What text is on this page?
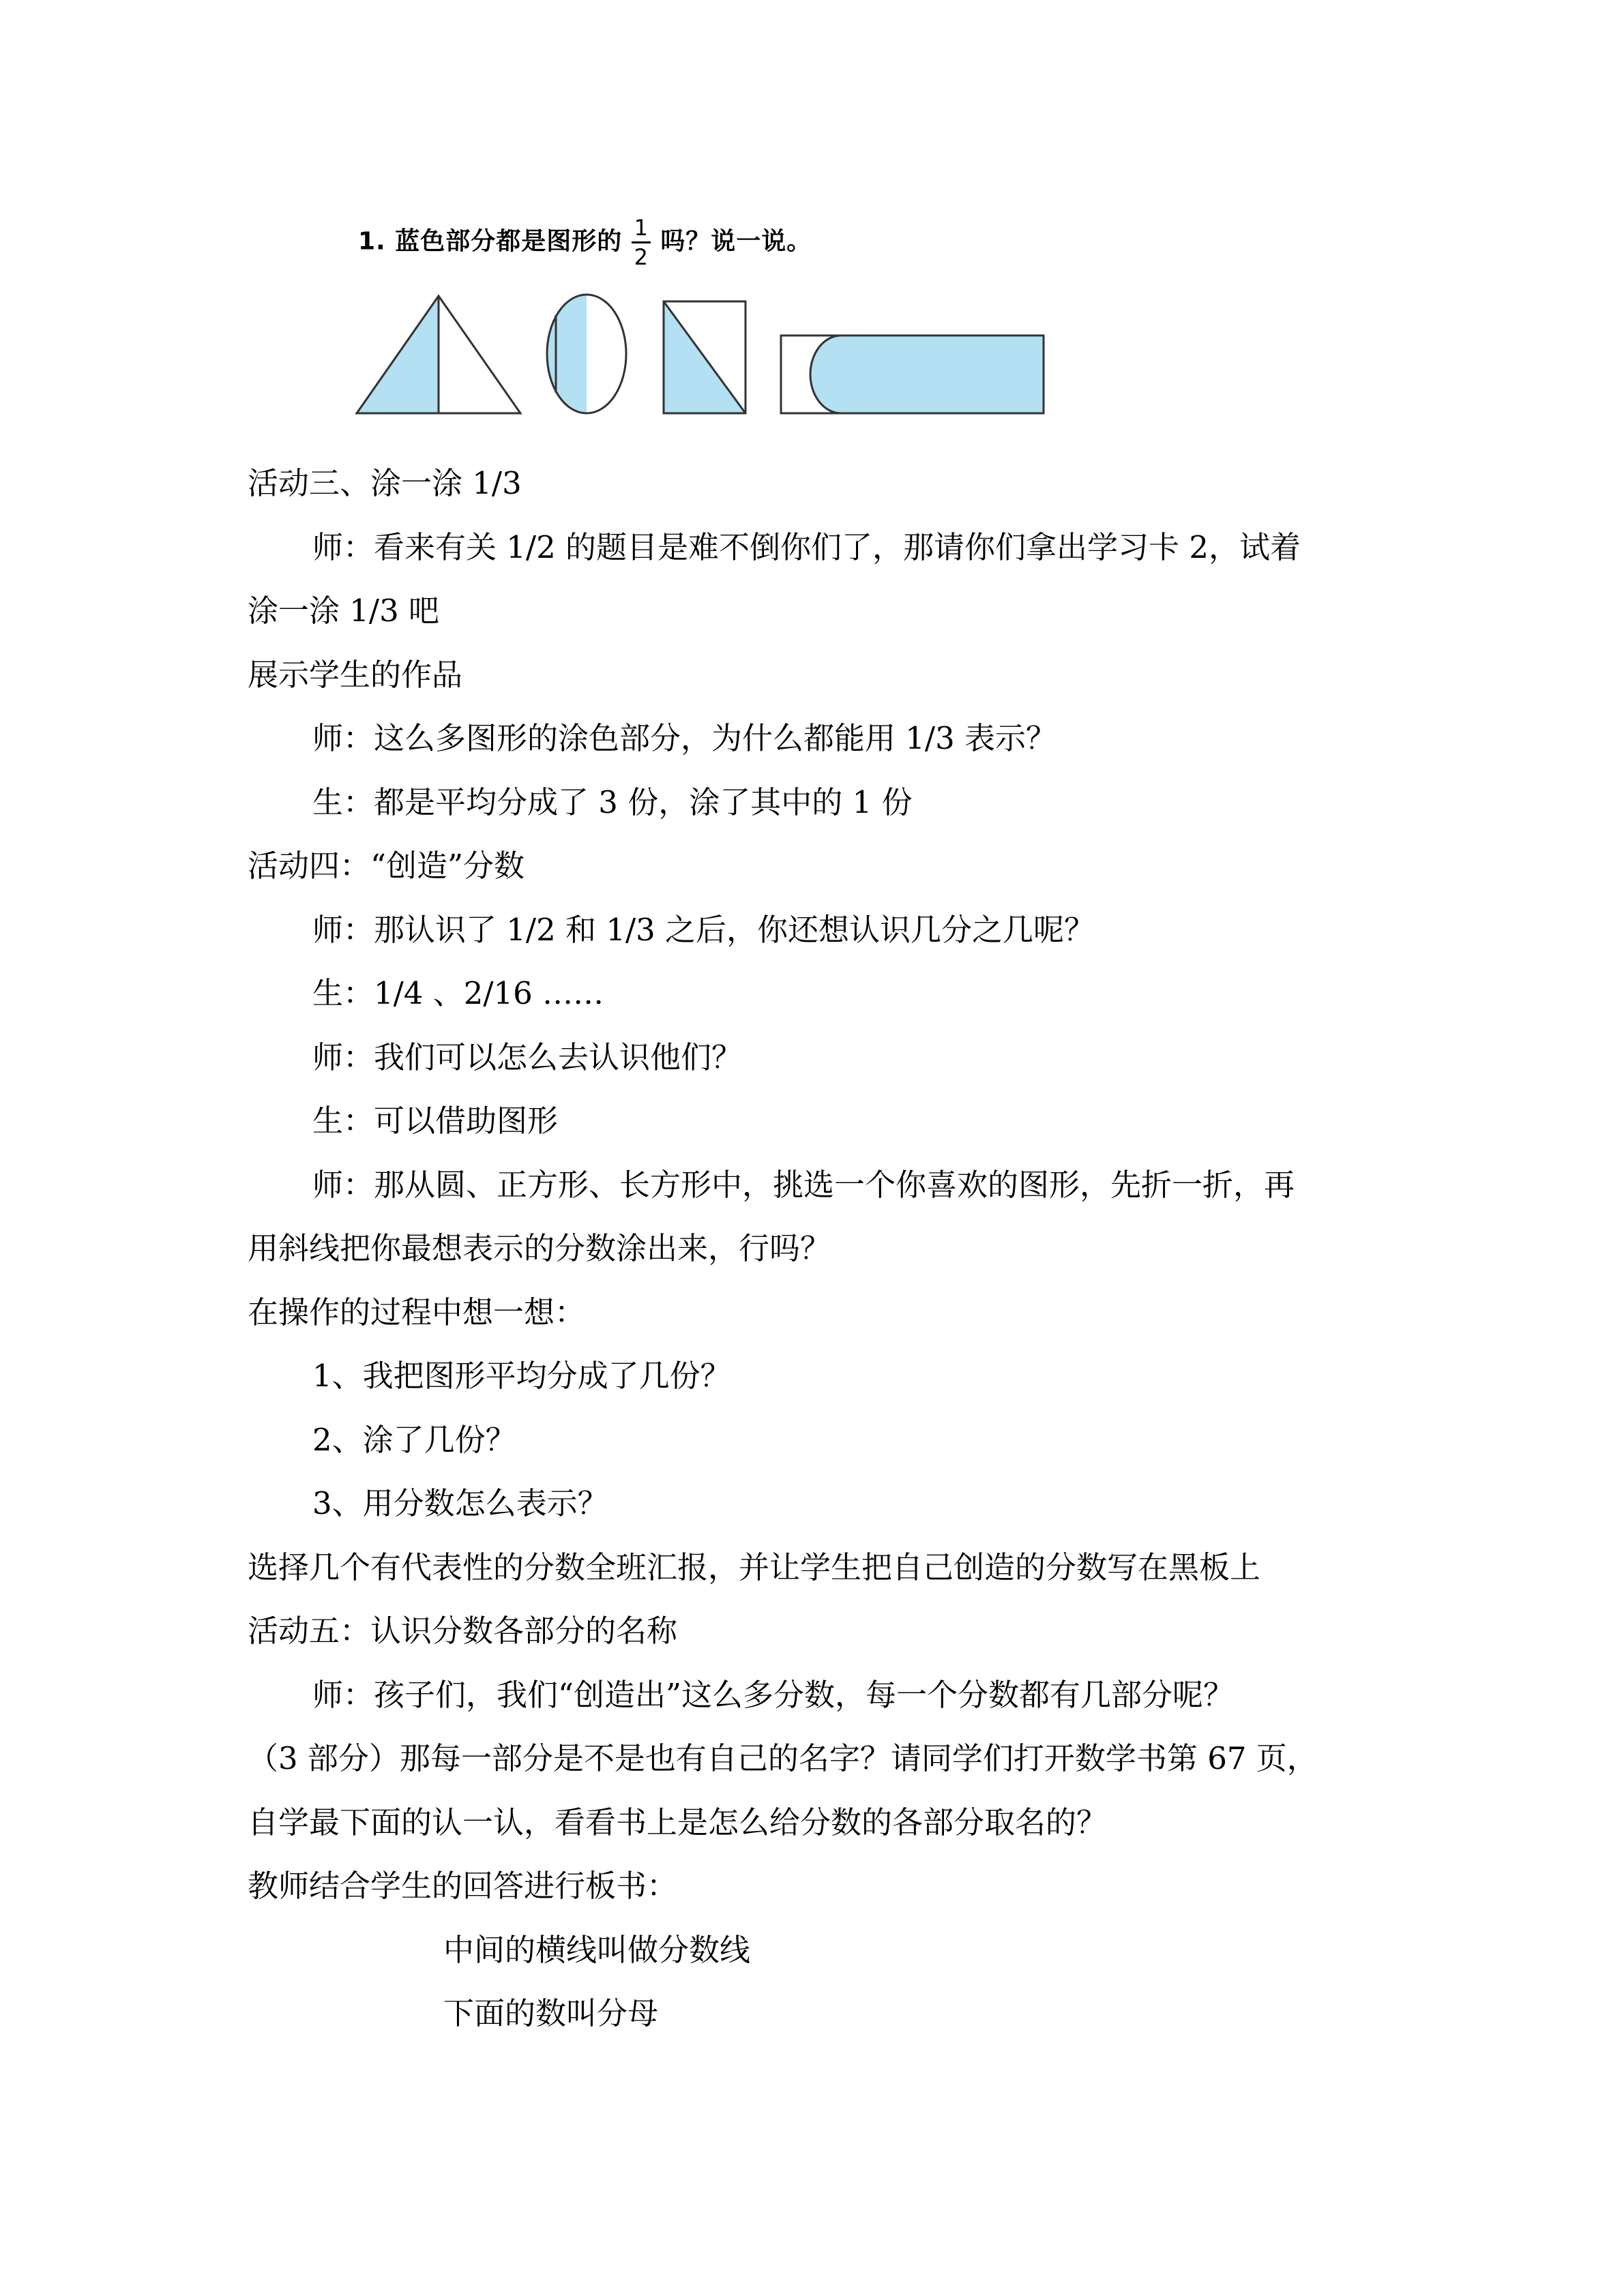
1. 蓝色部分都是图形的 $\frac{1}{2}$ 吗？说一说。
活动三、涂一涂 1/3
师：看来有关 1/2 的题目是难不倒你们了，那请你们拿出学习卡 2，试着
涂一涂 1/3 吧
展示学生的作品
师：这么多图形的涂色部分，为什么都能用 1/3 表示？
生：都是平均分成了 3 份，涂了其中的 1 份
活动四：“创造”分数
师：那认识了 1/2 和 1/3 之后，你还想认识几分之几呢？
生：1/4 、2/16 ……
师：我们可以怎么去认识他们？
生：可以借助图形
师：那从圆、正方形、长方形中，挑选一个你喜欢的图形，先折一折，再
用斜线把你最想表示的分数涂出来，行吗？
在操作的过程中想一想：
1、我把图形平均分成了几份？
2、涂了几份？
3、用分数怎么表示？
选择几个有代表性的分数全班汇报，并让学生把自己创造的分数写在黑板上
活动五：认识分数各部分的名称
师：孩子们，我们“创造出”这么多分数，每一个分数都有几部分呢？
（3 部分）那每一部分是不是也有自己的名字？请同学们打开数学书第 67 页，
自学最下面的认一认，看看书上是怎么给分数的各部分取名的？
教师结合学生的回答进行板书：
中间的横线叫做分数线
下面的数叫分母
